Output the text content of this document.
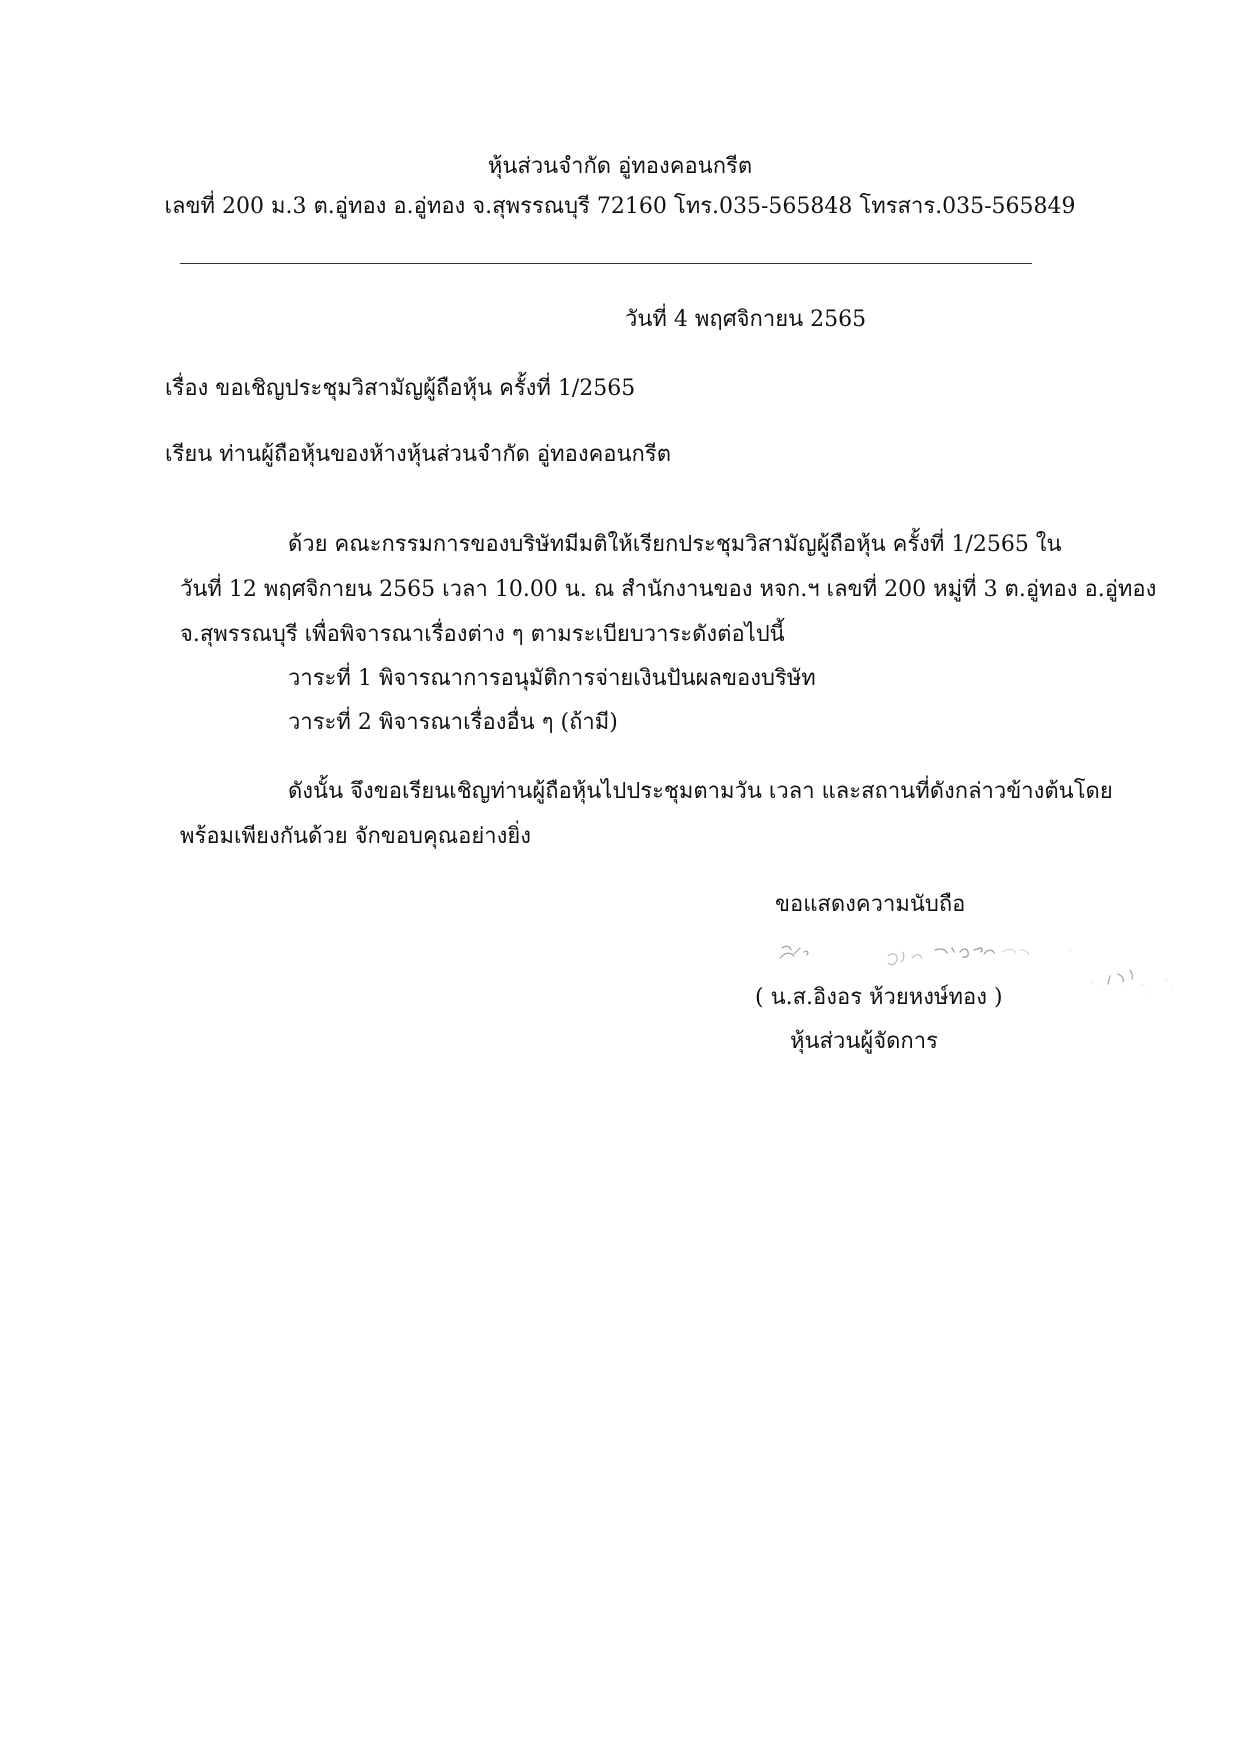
หุ้นส่วนจำกัด อู่ทองคอนกรีต
เลขที่ 200 ม.3 ต.อู่ทอง อ.อู่ทอง จ.สุพรรณบุรี 72160 โทร.035-565848 โทรสาร.035-565849
วันที่ 4 พฤศจิกายน 2565
เรื่อง ขอเชิญประชุมวิสามัญผู้ถือหุ้น ครั้งที่ 1/2565
เรียน ท่านผู้ถือหุ้นของห้างหุ้นส่วนจำกัด อู่ทองคอนกรีต
ด้วย คณะกรรมการของบริษัทมีมติให้เรียกประชุมวิสามัญผู้ถือหุ้น ครั้งที่ 1/2565 ใน
วันที่ 12 พฤศจิกายน 2565 เวลา 10.00 น. ณ สำนักงานของ หจก.ฯ เลขที่ 200 หมู่ที่ 3 ต.อู่ทอง อ.อู่ทอง
จ.สุพรรณบุรี เพื่อพิจารณาเรื่องต่าง ๆ ตามระเบียบวาระดังต่อไปนี้
วาระที่ 1 พิจารณาการอนุมัติการจ่ายเงินปันผลของบริษัท
วาระที่ 2 พิจารณาเรื่องอื่น ๆ (ถ้ามี)
ดังนั้น จึงขอเรียนเชิญท่านผู้ถือหุ้นไปประชุมตามวัน เวลา และสถานที่ดังกล่าวข้างต้นโดย
พร้อมเพียงกันด้วย จักขอบคุณอย่างยิ่ง
ขอแสดงความนับถือ
( น.ส.อิงอร ห้วยหงษ์ทอง )
หุ้นส่วนผู้จัดการ
